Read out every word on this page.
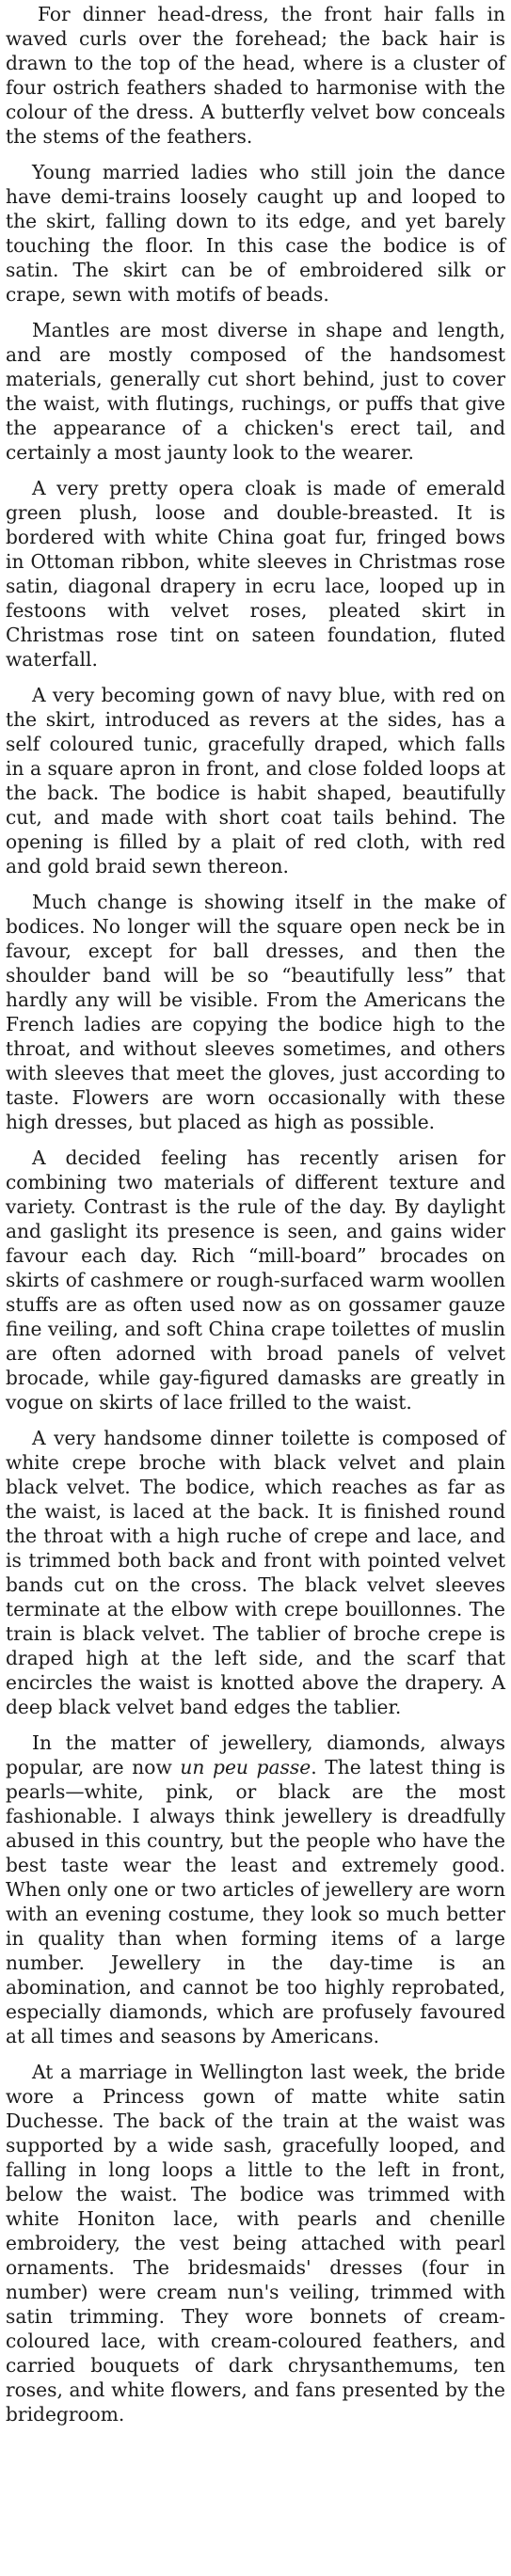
For dinner head-dress, the front hair falls in waved curls over the forehead; the back hair is drawn to the top of the head, where is a cluster of four ostrich feathers shaded to harmonise with the colour of the dress. A butterfly velvet bow conceals the stems of the feathers.

Young married ladies who still join the dance have demi-trains loosely caught up and looped to the skirt, falling down to its edge, and yet barely touching the floor. In this case the bodice is of satin. The skirt can be of embroidered silk or crape, sewn with motifs of beads.

Mantles are most diverse in shape and length, and are mostly composed of the handsomest materials, generally cut short behind, just to cover the waist, with flutings, ruchings, or puffs that give the appearance of a chicken's erect tail, and certainly a most jaunty look to the wearer.

A very pretty opera cloak is made of emerald green plush, loose and double-breasted. It is bordered with white China goat fur, fringed bows in Ottoman ribbon, white sleeves in Christmas rose satin, diagonal drapery in ecru lace, looped up in festoons with velvet roses, pleated skirt in Christmas rose tint on sateen foundation, fluted waterfall.

A very becoming gown of navy blue, with red on the skirt, introduced as revers at the sides, has a self coloured tunic, gracefully draped, which falls in a square apron in front, and close folded loops at the back. The bodice is habit shaped, beautifully cut, and made with short coat tails behind. The opening is filled by a plait of red cloth, with red and gold braid sewn thereon.

Much change is showing itself in the make of bodices. No longer will the square open neck be in favour, except for ball dresses, and then the shoulder band will be so “beautifully less” that hardly any will be visible. From the Americans the French ladies are copying the bodice high to the throat, and without sleeves sometimes, and others with sleeves that meet the gloves, just according to taste. Flowers are worn occasionally with these high dresses, but placed as high as possible.

A decided feeling has recently arisen for combining two materials of different texture and variety. Contrast is the rule of the day. By daylight and gaslight its presence is seen, and gains wider favour each day. Rich “mill-board” brocades on skirts of cashmere or rough-surfaced warm woollen stuffs are as often used now as on gossamer gauze fine veiling, and soft China crape toilettes of muslin are often adorned with broad panels of velvet brocade, while gay-figured damasks are greatly in vogue on skirts of lace frilled to the waist.

A very handsome dinner toilette is composed of white crepe broche with black velvet and plain black velvet. The bodice, which reaches as far as the waist, is laced at the back. It is finished round the throat with a high ruche of crepe and lace, and is trimmed both back and front with pointed velvet bands cut on the cross. The black velvet sleeves terminate at the elbow with crepe bouillonnes. The train is black velvet. The tablier of broche crepe is draped high at the left side, and the scarf that encircles the waist is knotted above the drapery. A deep black velvet band edges the tablier.

In the matter of jewellery, diamonds, always popular, are now un peu passe. The latest thing is pearls—white, pink, or black are the most fashionable. I always think jewellery is dreadfully abused in this country, but the people who have the best taste wear the least and extremely good. When only one or two articles of jewellery are worn with an evening costume, they look so much better in quality than when forming items of a large number. Jewellery in the day-time is an abomination, and cannot be too highly reprobated, especially diamonds, which are profusely favoured at all times and seasons by Americans.

At a marriage in Wellington last week, the bride wore a Princess gown of matte white satin Duchesse. The back of the train at the waist was supported by a wide sash, gracefully looped, and falling in long loops a little to the left in front, below the waist. The bodice was trimmed with white Honiton lace, with pearls and chenille embroidery, the vest being attached with pearl ornaments. The bridesmaids' dresses (four in number) were cream nun's veiling, trimmed with satin trimming. They wore bonnets of cream-coloured lace, with cream-coloured feathers, and carried bouquets of dark chrysanthemums, ten roses, and white flowers, and fans presented by the bridegroom.
